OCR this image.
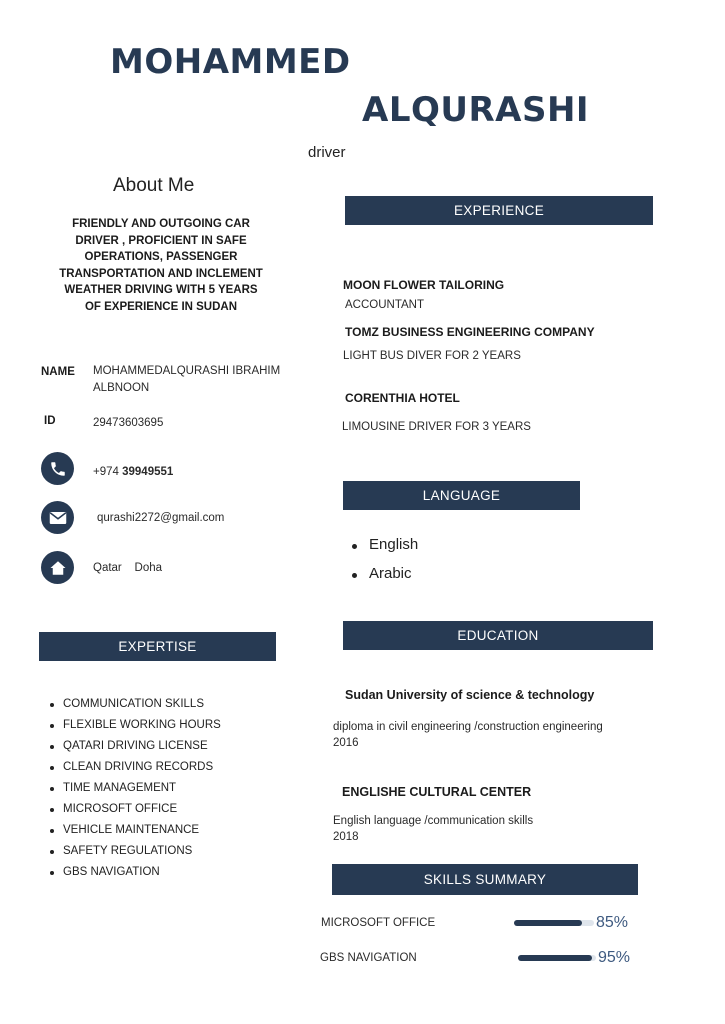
MOHAMMED
ALQURASHI
driver
About Me
FRIENDLY AND OUTGOING CAR DRIVER , PROFICIENT IN SAFE OPERATIONS, PASSENGER TRANSPORTATION AND INCLEMENT WEATHER DRIVING WITH 5 YEARS OF EXPERIENCE IN SUDAN
NAME MOHAMMEDALQURASHI IBRAHIM ALBNOON
ID	29473603695
+974 39949551
qurashi2272@gmail.com
Qatar Doha
EXPERTISE
COMMUNICATION SKILLS
FLEXIBLE WORKING HOURS
QATARI DRIVING LICENSE
CLEAN DRIVING RECORDS
TIME MANAGEMENT
MICROSOFT OFFICE
VEHICLE MAINTENANCE
SAFETY REGULATIONS
GBS NAVIGATION
EXPERIENCE
MOON FLOWER TAILORING
ACCOUNTANT
TOMZ BUSINESS ENGINEERING COMPANY
LIGHT BUS DIVER FOR 2 YEARS
CORENTHIA HOTEL
LIMOUSINE DRIVER FOR 3 YEARS
LANGUAGE
English
Arabic
EDUCATION
Sudan University of science & technology
diploma in civil engineering /construction engineering
2016
ENGLISHE CULTURAL CENTER
English language /communication skills
2018
SKILLS SUMMARY
MICROSOFT OFFICE	85%
GBS NAVIGATION	95%
